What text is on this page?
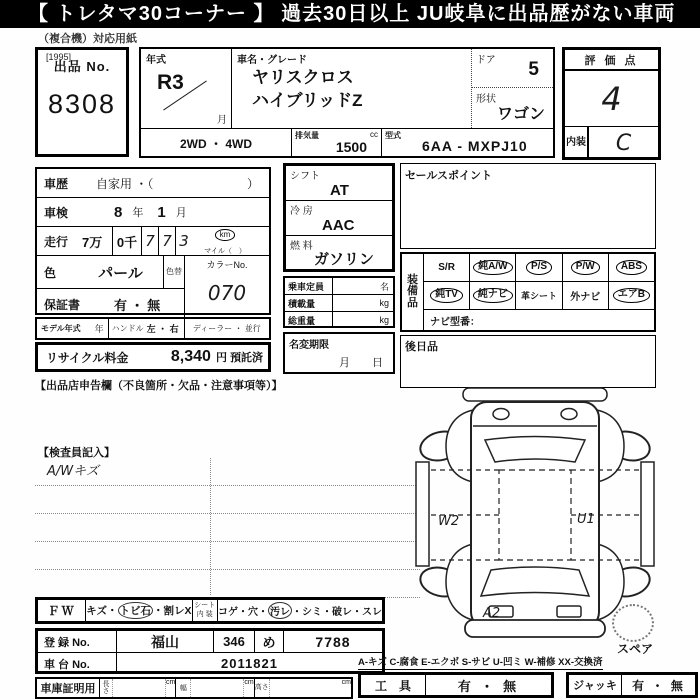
【 トレタマ30コーナー 】 過去30日以上 JU岐阜に出品歴がない車両
（複合機）対応用紙
出品 No.
[1995]
8308
年式
R3
月
車名・グレード
ヤリスクロス
ハイブリッドZ
ドア	5
形状
ワゴン
2WD ・ 4WD
排気量	cc
1500
型式
6AA - MXPJ10
評 価 点
4
内装	C
車歴	自家用 ・（	）
車検	8 年 1 月
走行	7万	0千 7 7 3	km
マイル（　）
色	パール	色替
保証書	有 ・ 無
カラーNo.
070
モデル年式	年	ハンドル 左 ・ 右	ディーラー ・ 並行
リサイクル料金	8,340 円 預託済
【出品店申告欄（不良箇所・欠品・注意事項等）】
シフト
AT
冷 房
AAC
燃 料
ガソリン
乗車定員	名
積載量	kg
総重量	kg
名変期限
月　　日
セールスポイント
装備品
S/R	純A/W	P/S	P/W	ABS
純TV	純ナビ	革シート 外ナビ	エアB
ナビ型番：
後日品
【検査員記入】
A/Wキズ
W2	U1
A2
スペア
ＦＷ	キズ・ トビ石 ・割レX シート
内 装 コゲ・穴・ 汚レ ・シミ・破レ・スレ
登 録 No.	福山	346	め	7788
車 台 No.	2011821	A-キズ C-腐食 E-エクボ S-サビ U-凹ミ W-補修 XX-交換済
車庫証明用	長さ
cm
幅
cm
高さ
cm	工　具	有 ・ 無	ジャッキ	有 ・ 無
